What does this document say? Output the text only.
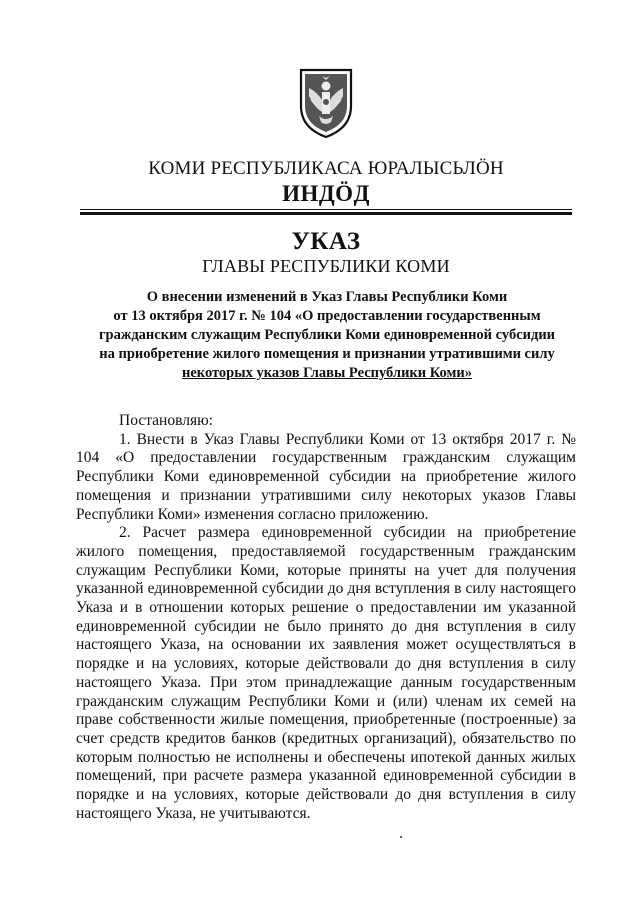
КОМИ РЕСПУБЛИКАСА ЮРАЛЫСЬЛÖН
ИНДÖД
УКАЗ
ГЛАВЫ РЕСПУБЛИКИ КОМИ
О внесении изменений в Указ Главы Республики Коми
от 13 октября 2017 г. № 104 «О предоставлении государственным
гражданским служащим Республики Коми единовременной субсидии
на приобретение жилого помещения и признании утратившими силу
некоторых указов Главы Республики Коми»

Постановляю:

1. Внести в Указ Главы Республики Коми от 13 октября 2017 г. № 104 «О предоставлении государственным гражданским служащим Республики Коми единовременной субсидии на приобретение жилого помещения и признании утратившими силу некоторых указов Главы Республики Коми» изменения согласно приложению.

2. Расчет размера единовременной субсидии на приобретение жилого помещения, предоставляемой государственным гражданским служащим Республики Коми, которые приняты на учет для получения указанной единовременной субсидии до дня вступления в силу настоящего Указа и в отношении которых решение о предоставлении им указанной единовременной субсидии не было принято до дня вступления в силу настоящего Указа, на основании их заявления может осуществляться в порядке и на условиях, которые действовали до дня вступления в силу настоящего Указа. При этом принадлежащие данным государственным гражданским служащим Республики Коми и (или) членам их семей на праве собственности жилые помещения, приобретенные (построенные) за счет средств кредитов банков (кредитных организаций), обязательство по которым полностью не исполнены и обеспечены ипотекой данных жилых помещений, при расчете размера указанной единовременной субсидии в порядке и на условиях, которые действовали до дня вступления в силу настоящего Указа, не учитываются.
